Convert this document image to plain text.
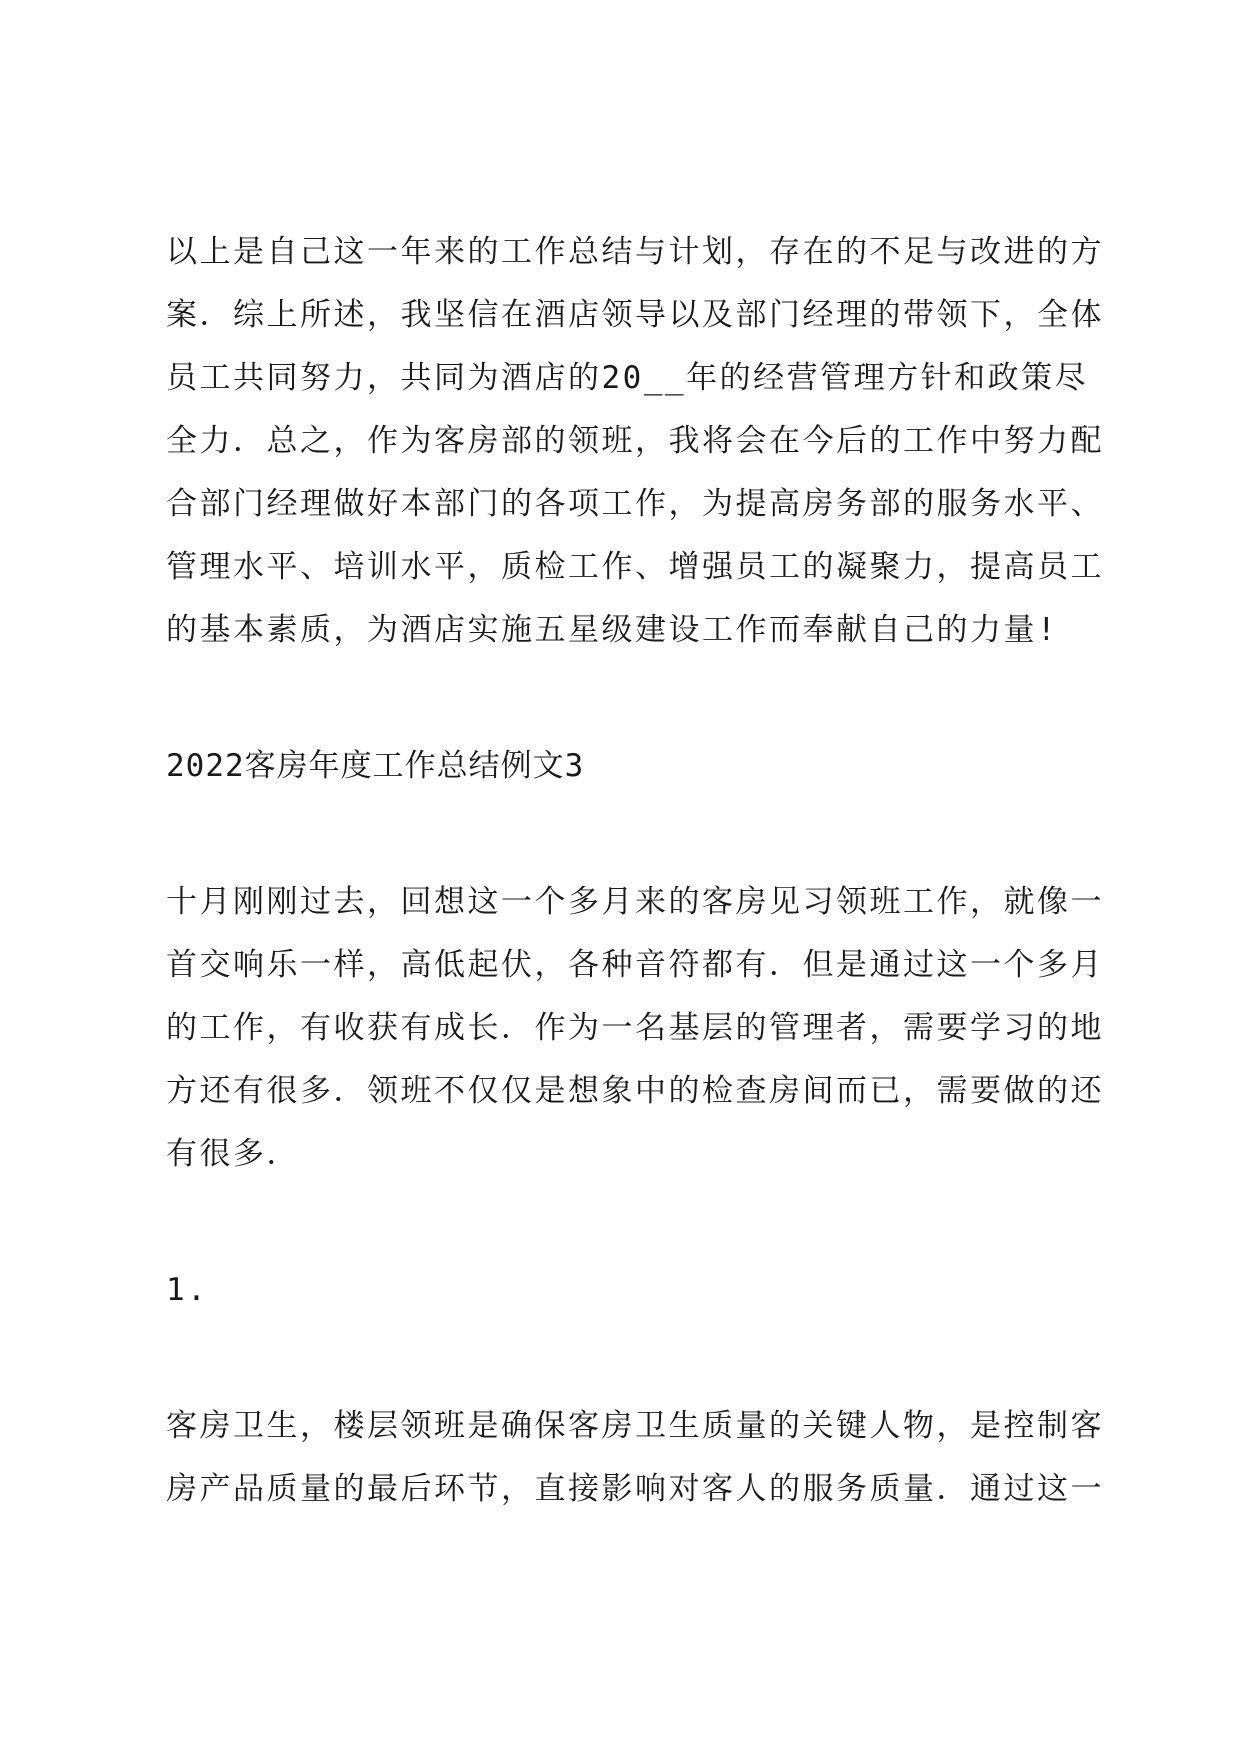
以上是自己这一年来的工作总结与计划，存在的不足与改进的方
案．综上所述，我坚信在酒店领导以及部门经理的带领下，全体
员工共同努力，共同为酒店的20__年的经营管理方针和政策尽
全力．总之，作为客房部的领班，我将会在今后的工作中努力配
合部门经理做好本部门的各项工作，为提高房务部的服务水平、
管理水平、培训水平，质检工作、增强员工的凝聚力，提高员工
的基本素质，为酒店实施五星级建设工作而奉献自己的力量!
2022客房年度工作总结例文3
十月刚刚过去，回想这一个多月来的客房见习领班工作，就像一
首交响乐一样，高低起伏，各种音符都有．但是通过这一个多月
的工作，有收获有成长．作为一名基层的管理者，需要学习的地
方还有很多．领班不仅仅是想象中的检查房间而已，需要做的还
有很多．
1.
客房卫生，楼层领班是确保客房卫生质量的关键人物，是控制客
房产品质量的最后环节，直接影响对客人的服务质量．通过这一
